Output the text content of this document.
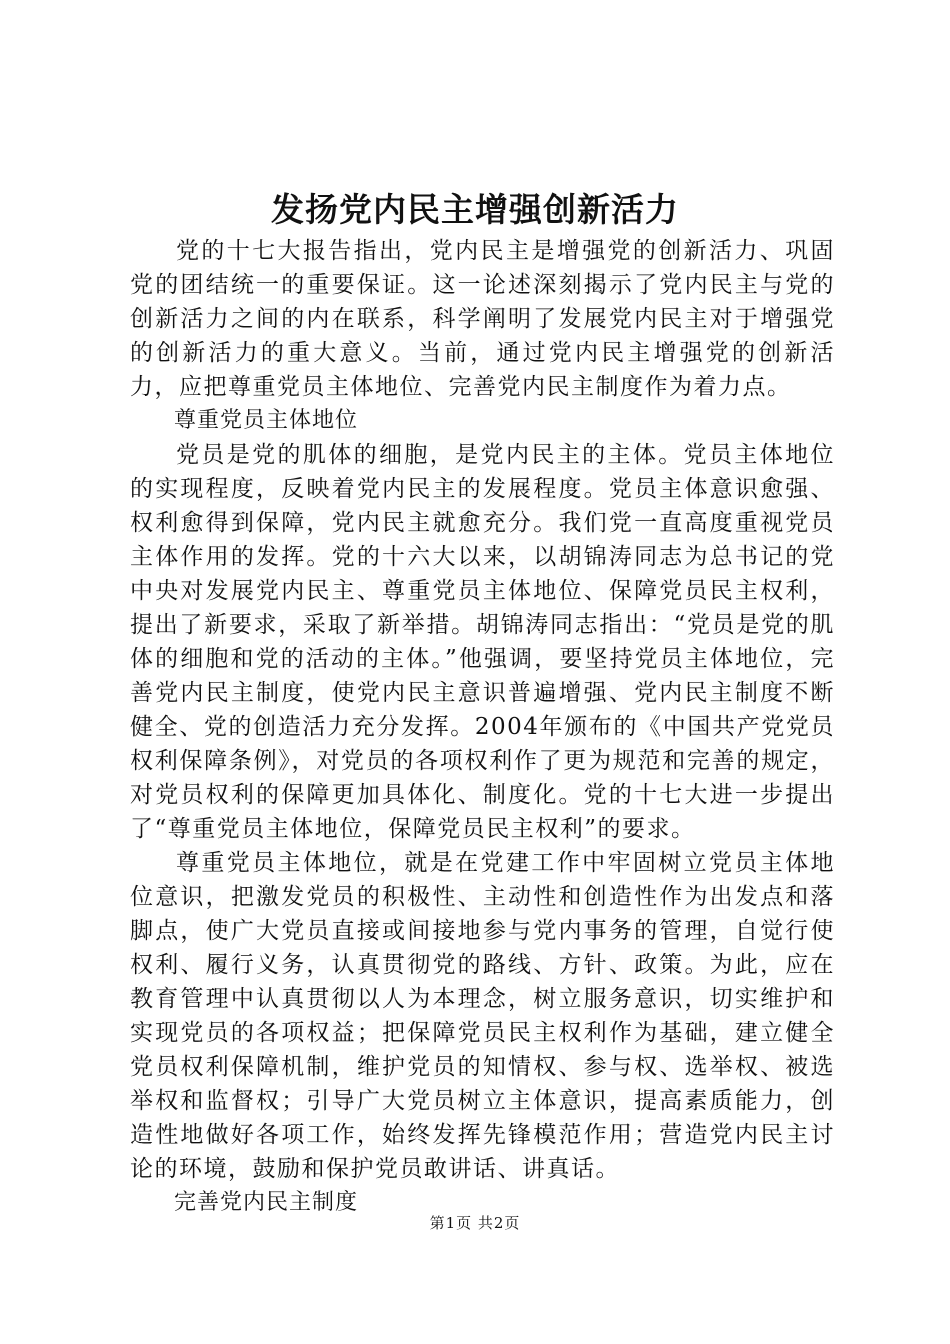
发扬党内民主增强创新活力

党的十七大报告指出，党内民主是增强党的创新活力、巩固党的团结统一的重要保证。这一论述深刻揭示了党内民主与党的创新活力之间的内在联系，科学阐明了发展党内民主对于增强党的创新活力的重大意义。当前，通过党内民主增强党的创新活力，应把尊重党员主体地位、完善党内民主制度作为着力点。

尊重党员主体地位

党员是党的肌体的细胞，是党内民主的主体。党员主体地位的实现程度，反映着党内民主的发展程度。党员主体意识愈强、权利愈得到保障，党内民主就愈充分。我们党一直高度重视党员主体作用的发挥。党的十六大以来，以胡锦涛同志为总书记的党中央对发展党内民主、尊重党员主体地位、保障党员民主权利，提出了新要求，采取了新举措。胡锦涛同志指出：“党员是党的肌体的细胞和党的活动的主体。”他强调，要坚持党员主体地位，完善党内民主制度，使党内民主意识普遍增强、党内民主制度不断健全、党的创造活力充分发挥。2004年颁布的《中国共产党党员权利保障条例》，对党员的各项权利作了更为规范和完善的规定，对党员权利的保障更加具体化、制度化。党的十七大进一步提出了“尊重党员主体地位，保障党员民主权利”的要求。

尊重党员主体地位，就是在党建工作中牢固树立党员主体地位意识，把激发党员的积极性、主动性和创造性作为出发点和落脚点，使广大党员直接或间接地参与党内事务的管理，自觉行使权利、履行义务，认真贯彻党的路线、方针、政策。为此，应在教育管理中认真贯彻以人为本理念，树立服务意识，切实维护和实现党员的各项权益；把保障党员民主权利作为基础，建立健全党员权利保障机制，维护党员的知情权、参与权、选举权、被选举权和监督权；引导广大党员树立主体意识，提高素质能力，创造性地做好各项工作，始终发挥先锋模范作用；营造党内民主讨论的环境，鼓励和保护党员敢讲话、讲真话。

完善党内民主制度

第1页 共2页
